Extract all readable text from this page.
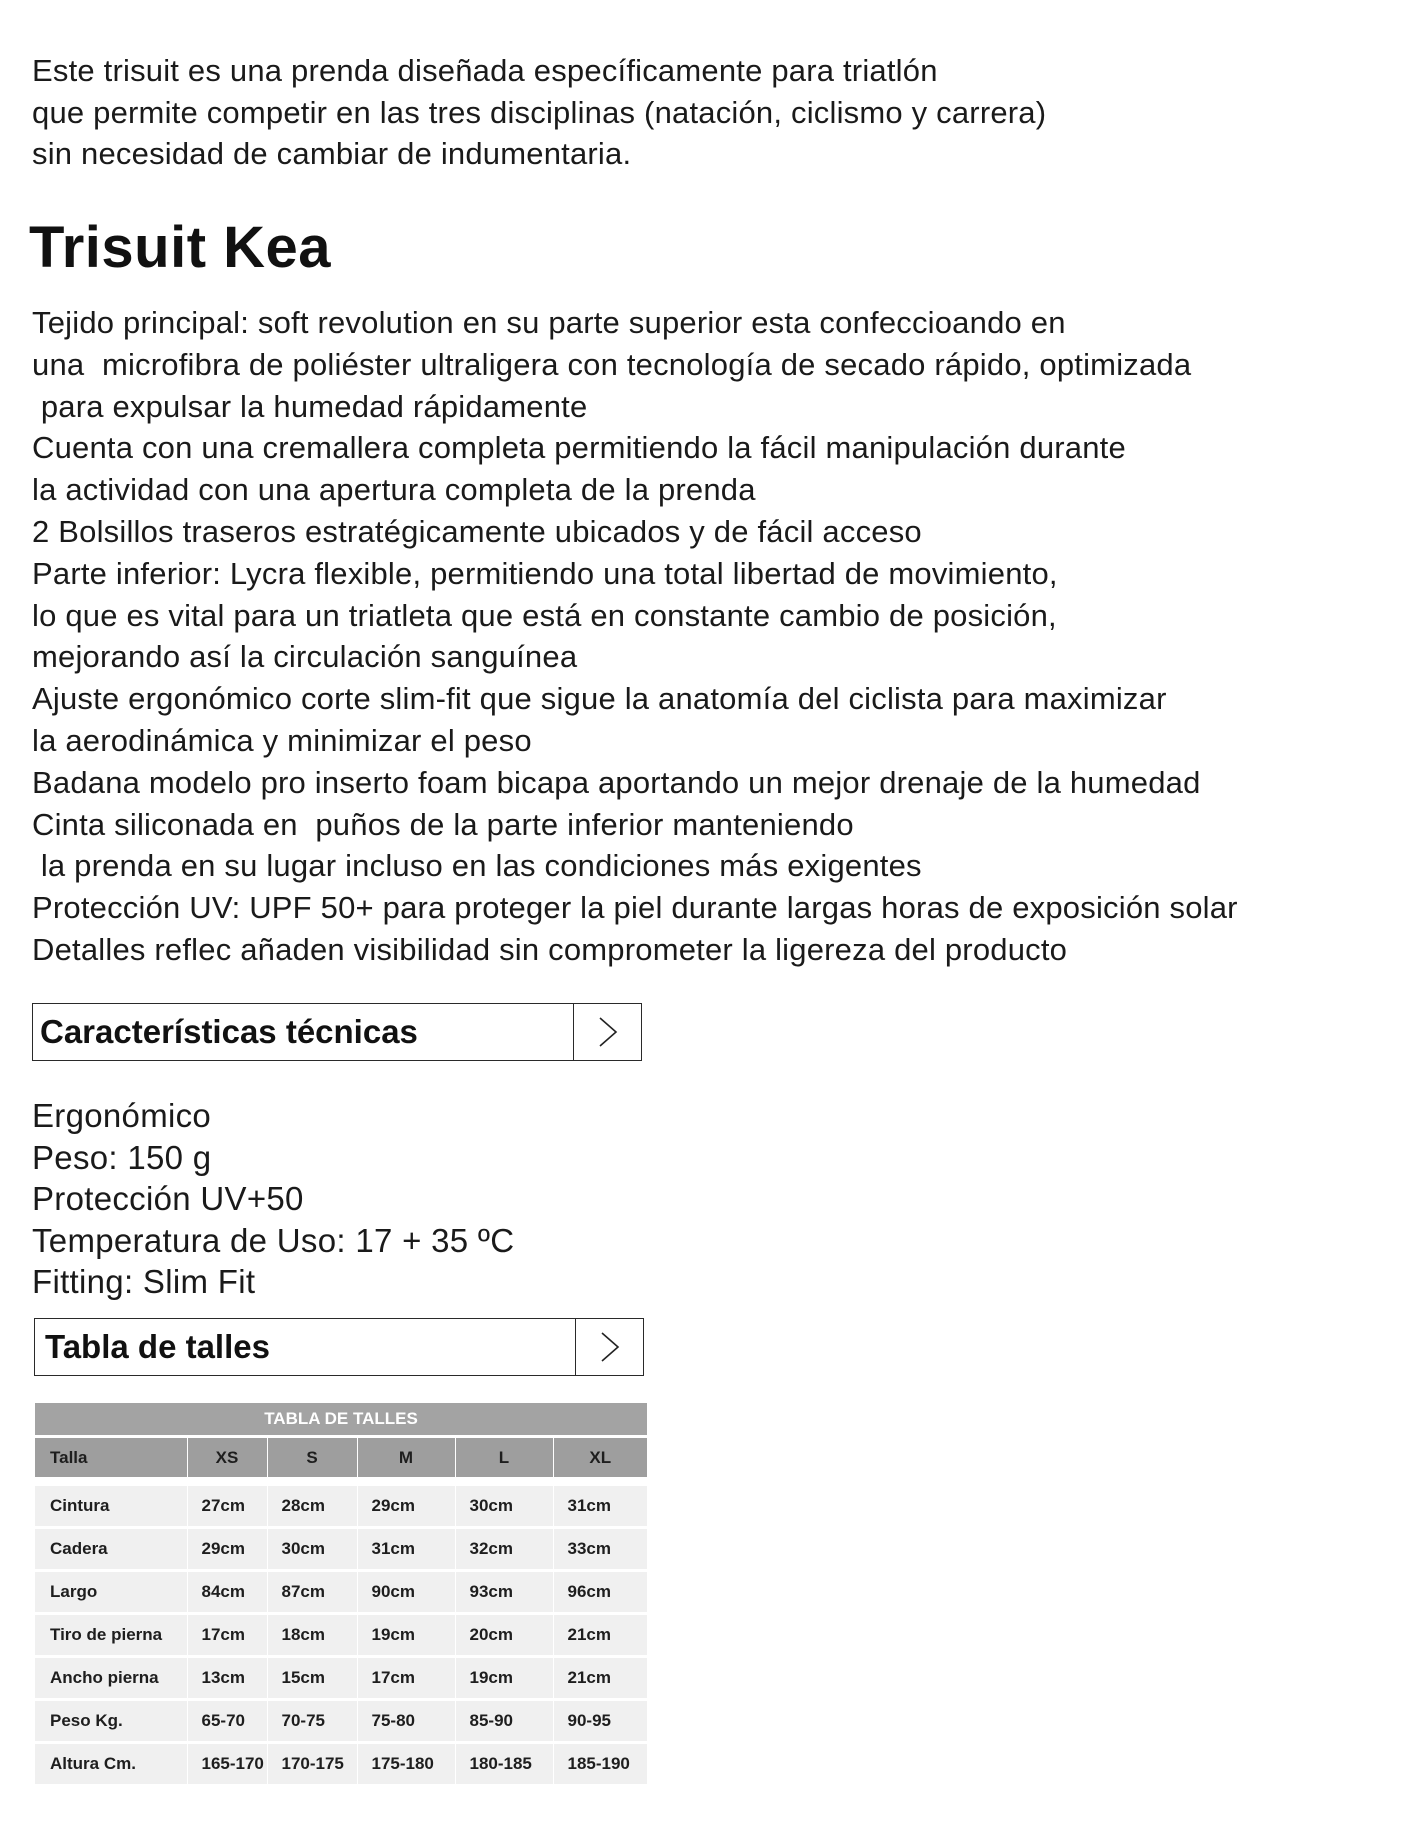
Este trisuit es una prenda diseñada específicamente para triatlón
que permite competir en las tres disciplinas (natación, ciclismo y carrera)
sin necesidad de cambiar de indumentaria.
Trisuit Kea
Tejido principal: soft revolution en su parte superior esta confeccioando en
una  microfibra de poliéster ultraligera con tecnología de secado rápido, optimizada
para expulsar la humedad rápidamente
Cuenta con una cremallera completa permitiendo la fácil manipulación durante
la actividad con una apertura completa de la prenda
2 Bolsillos traseros estratégicamente ubicados y de fácil acceso
Parte inferior: Lycra flexible, permitiendo una total libertad de movimiento,
lo que es vital para un triatleta que está en constante cambio de posición,
mejorando así la circulación sanguínea
Ajuste ergonómico corte slim-fit que sigue la anatomía del ciclista para maximizar
la aerodinámica y minimizar el peso
Badana modelo pro inserto foam bicapa aportando un mejor drenaje de la humedad
Cinta siliconada en  puños de la parte inferior manteniendo
la prenda en su lugar incluso en las condiciones más exigentes
Protección UV: UPF 50+ para proteger la piel durante largas horas de exposición solar
Detalles reflec añaden visibilidad sin comprometer la ligereza del producto
Características técnicas
Ergonómico
Peso: 150 g
Protección UV+50
Temperatura de Uso: 17 + 35 ºC
Fitting: Slim Fit
Tabla de talles
TABLA DE TALLES					
Talla	XS	S	M	L	XL
Cintura	27cm	28cm	29cm	30cm	31cm
Cadera	29cm	30cm	31cm	32cm	33cm
Largo	84cm	87cm	90cm	93cm	96cm
Tiro de pierna	17cm	18cm	19cm	20cm	21cm
Ancho pierna	13cm	15cm	17cm	19cm	21cm
Peso Kg.	65-70	70-75	75-80	85-90	90-95
Altura Cm.	165-170	170-175	175-180	180-185	185-190
